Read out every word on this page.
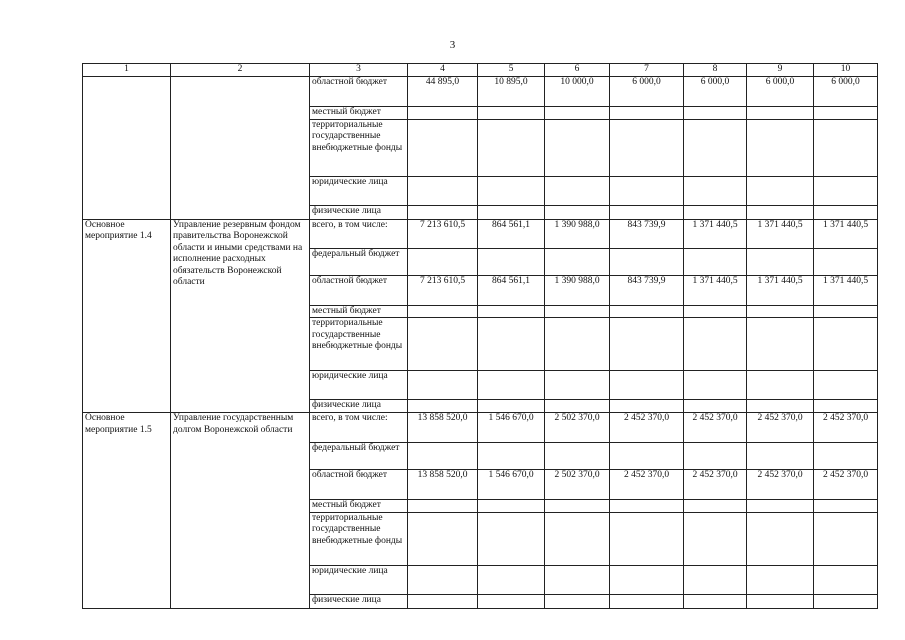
3
1	2	3	4	5	6	7	8	9	10
		областной бюджет	44 895,0	10 895,0	10 000,0	6 000,0	6 000,0	6 000,0	6 000,0
		местный бюджет							
		территориальные государственные внебюджетные фонды							
		юридические лица							
		физические лица							
Основное мероприятие 1.4	Управление резервным фондом правительства Воронежской области и иными средствами на исполнение расходных обязательств Воронежской области	всего, в том числе:	7 213 610,5	864 561,1	1 390 988,0	843 739,9	1 371 440,5	1 371 440,5	1 371 440,5
		федеральный бюджет							
		областной бюджет	7 213 610,5	864 561,1	1 390 988,0	843 739,9	1 371 440,5	1 371 440,5	1 371 440,5
		местный бюджет							
		территориальные государственные внебюджетные фонды							
		юридические лица							
		физические лица							
Основное мероприятие 1.5	Управление государственным долгом Воронежской области	всего, в том числе:	13 858 520,0	1 546 670,0	2 502 370,0	2 452 370,0	2 452 370,0	2 452 370,0	2 452 370,0
		федеральный бюджет							
		областной бюджет	13 858 520,0	1 546 670,0	2 502 370,0	2 452 370,0	2 452 370,0	2 452 370,0	2 452 370,0
		местный бюджет							
		территориальные государственные внебюджетные фонды							
		юридические лица							
		физические лица							
